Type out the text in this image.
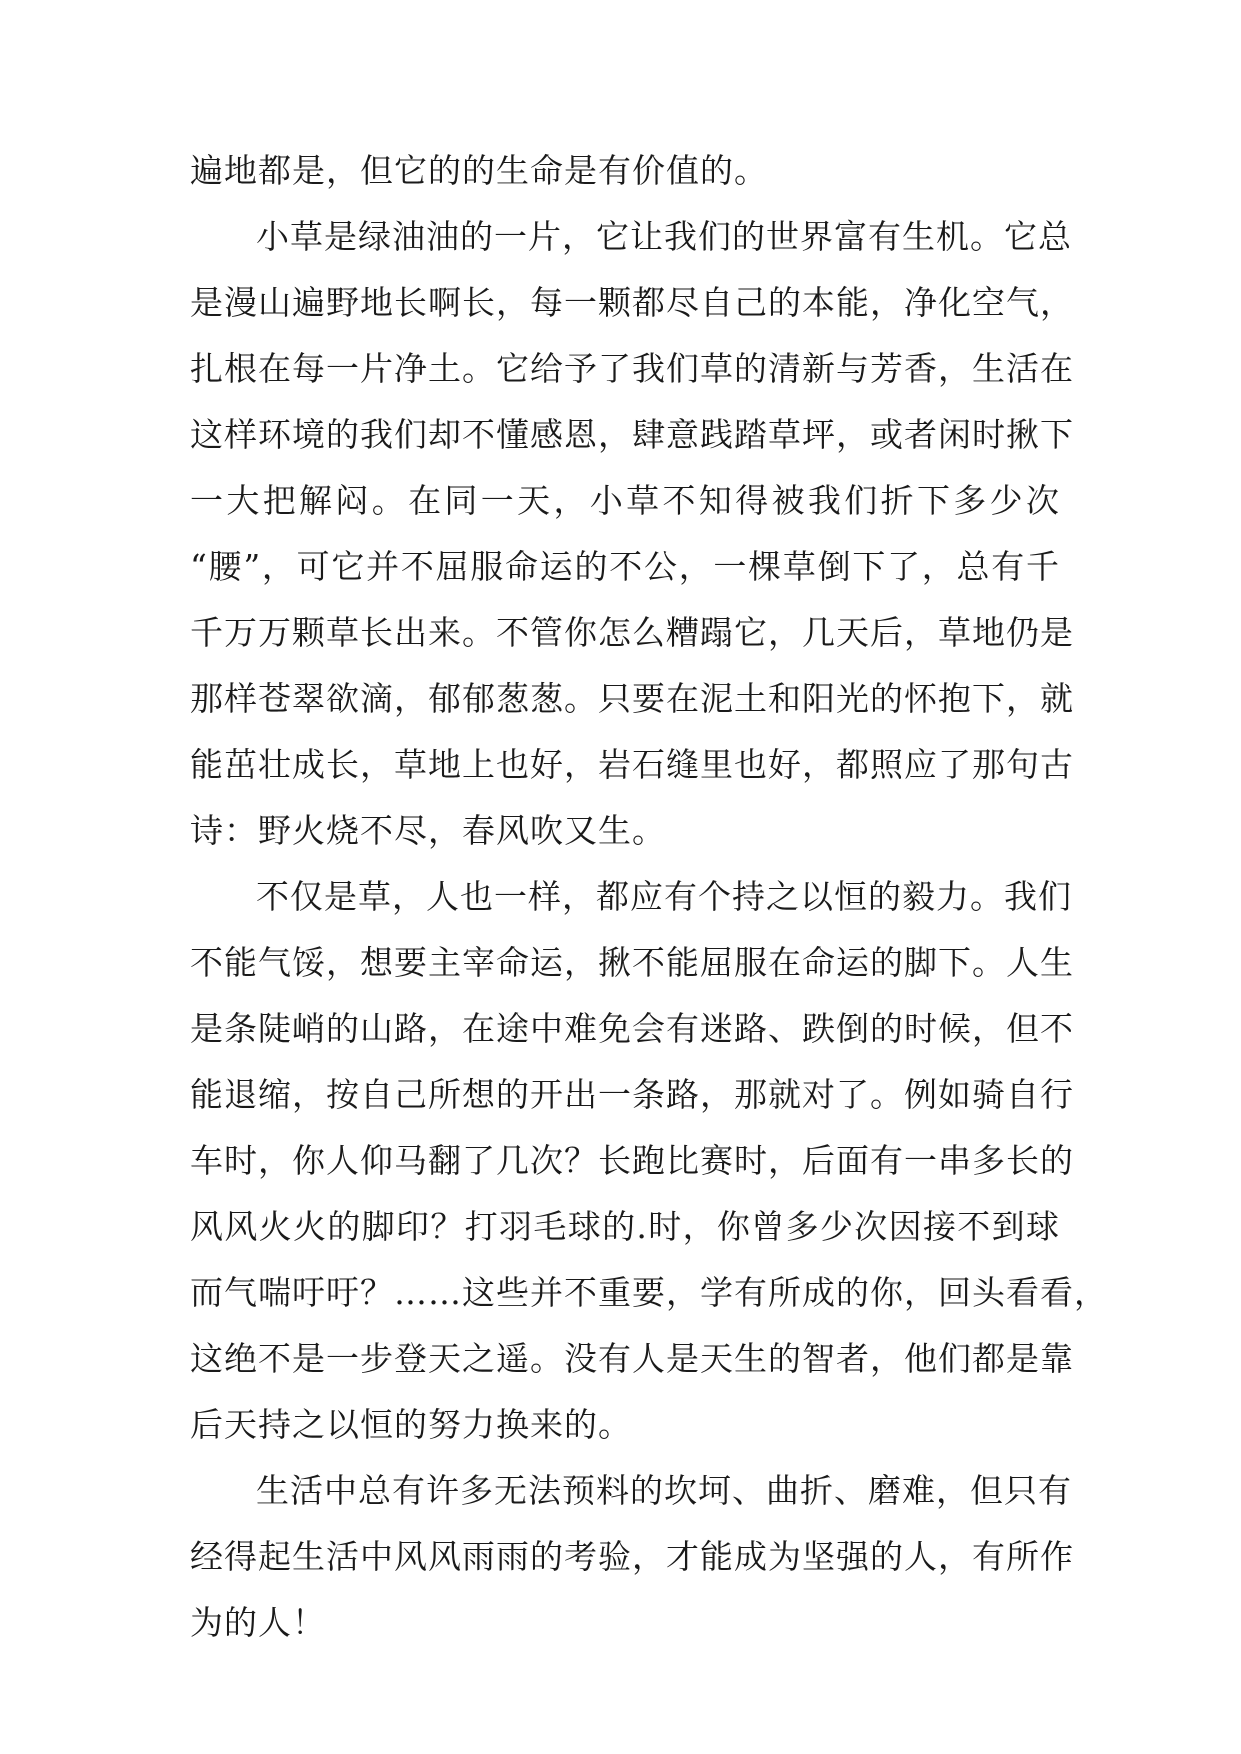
遍地都是，但它的的生命是有价值的。
小草是绿油油的一片，它让我们的世界富有生机。它总
是漫山遍野地长啊长，每一颗都尽自己的本能，净化空气，
扎根在每一片净土。它给予了我们草的清新与芳香，生活在
这样环境的我们却不懂感恩，肆意践踏草坪，或者闲时揪下
一大把解闷。在同一天，小草不知得被我们折下多少次
“腰”，可它并不屈服命运的不公，一棵草倒下了，总有千
千万万颗草长出来。不管你怎么糟蹋它，几天后，草地仍是
那样苍翠欲滴，郁郁葱葱。只要在泥土和阳光的怀抱下，就
能茁壮成长，草地上也好，岩石缝里也好，都照应了那句古
诗：野火烧不尽，春风吹又生。
不仅是草，人也一样，都应有个持之以恒的毅力。我们
不能气馁，想要主宰命运，揪不能屈服在命运的脚下。人生
是条陡峭的山路，在途中难免会有迷路、跌倒的时候，但不
能退缩，按自己所想的开出一条路，那就对了。例如骑自行
车时，你人仰马翻了几次？长跑比赛时，后面有一串多长的
风风火火的脚印？打羽毛球的.时，你曾多少次因接不到球
而气喘吁吁？……这些并不重要，学有所成的你，回头看看，
这绝不是一步登天之遥。没有人是天生的智者，他们都是靠
后天持之以恒的努力换来的。
生活中总有许多无法预料的坎坷、曲折、磨难，但只有
经得起生活中风风雨雨的考验，才能成为坚强的人，有所作
为的人！
